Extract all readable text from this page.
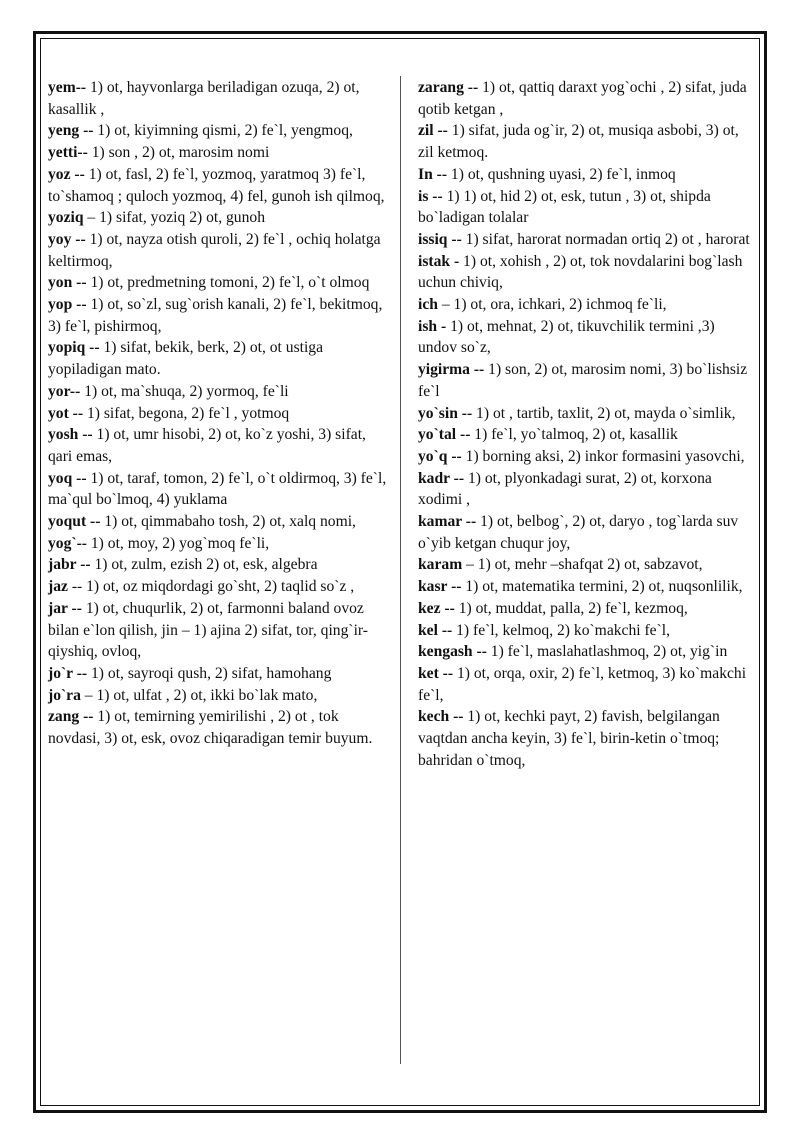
yem-- 1) ot, hayvonlarga beriladigan ozuqa, 2) ot, kasallik ,

yeng -- 1) ot, kiyimning qismi, 2) fe`l, yengmoq,

yetti-- 1) son , 2) ot, marosim nomi

yoz -- 1) ot, fasl, 2) fe`l, yozmoq, yaratmoq 3) fe`l, to`shamoq ; quloch yozmoq, 4) fel, gunoh ish qilmoq,

yoziq – 1) sifat, yoziq 2) ot, gunoh

yoy -- 1) ot, nayza otish quroli, 2) fe`l , ochiq holatga keltirmoq,

yon -- 1) ot, predmetning tomoni, 2) fe`l, o`t olmoq

yop -- 1) ot, so`zl, sug`orish kanali, 2) fe`l, bekitmoq, 3) fe`l, pishirmoq,

yopiq -- 1) sifat, bekik, berk, 2) ot, ot ustiga yopiladigan mato.

yor-- 1) ot, ma`shuqa, 2) yormoq, fe`li

yot -- 1) sifat, begona, 2) fe`l , yotmoq

yosh -- 1) ot, umr hisobi, 2) ot, ko`z yoshi, 3) sifat, qari emas,

yoq -- 1) ot, taraf, tomon, 2) fe`l, o`t oldirmoq, 3) fe`l, ma`qul bo`lmoq, 4) yuklama

yoqut -- 1) ot, qimmabaho tosh, 2) ot, xalq nomi,

yog`-- 1) ot, moy, 2) yog`moq fe`li,

jabr -- 1) ot, zulm, ezish 2) ot, esk, algebra

jaz -- 1) ot, oz miqdordagi go`sht, 2) taqlid so`z ,

jar -- 1) ot, chuqurlik, 2) ot, farmonni baland ovoz bilan e`lon qilish, jin – 1) ajina 2) sifat, tor, qing`ir-qiyshiq, ovloq,

jo`r -- 1) ot, sayroqi qush, 2) sifat, hamohang

jo`ra – 1) ot, ulfat , 2) ot, ikki bo`lak mato,

zang -- 1) ot, temirning yemirilishi , 2) ot , tok novdasi, 3) ot, esk, ovoz chiqaradigan temir buyum.

zarang -- 1) ot, qattiq daraxt yog`ochi , 2) sifat, juda qotib ketgan ,

zil -- 1) sifat, juda og`ir, 2) ot, musiqa asbobi, 3) ot, zil ketmoq.

In -- 1) ot, qushning uyasi, 2) fe`l, inmoq

is -- 1) 1) ot, hid 2) ot, esk, tutun , 3) ot, shipda bo`ladigan tolalar

issiq -- 1) sifat, harorat normadan ortiq 2) ot , harorat

istak - 1) ot, xohish , 2) ot, tok novdalarini bog`lash uchun chiviq,

ich – 1) ot, ora, ichkari, 2) ichmoq fe`li,

ish - 1) ot, mehnat, 2) ot, tikuvchilik termini ,3) undov so`z,

yigirma -- 1) son, 2) ot, marosim nomi, 3) bo`lishsiz fe`l

yo`sin -- 1) ot , tartib, taxlit, 2) ot, mayda o`simlik,

yo`tal -- 1) fe`l, yo`talmoq, 2) ot, kasallik

yo`q -- 1) borning aksi, 2) inkor formasini yasovchi,

kadr -- 1) ot, plyonkadagi surat, 2) ot, korxona xodimi ,

kamar -- 1) ot, belbog`, 2) ot, daryo , tog`larda suv o`yib ketgan chuqur joy,

karam – 1) ot, mehr –shafqat 2) ot, sabzavot,

kasr -- 1) ot, matematika termini, 2) ot, nuqsonlilik,

kez -- 1) ot, muddat, palla, 2) fe`l, kezmoq,

kel -- 1) fe`l, kelmoq, 2) ko`makchi fe`l,

kengash -- 1) fe`l, maslahatlashmoq, 2) ot, yig`in

ket -- 1) ot, orqa, oxir, 2) fe`l, ketmoq, 3) ko`makchi fe`l,

kech -- 1) ot, kechki payt, 2) favish, belgilangan vaqtdan ancha keyin, 3) fe`l, birin-ketin o`tmoq; bahridan o`tmoq,
